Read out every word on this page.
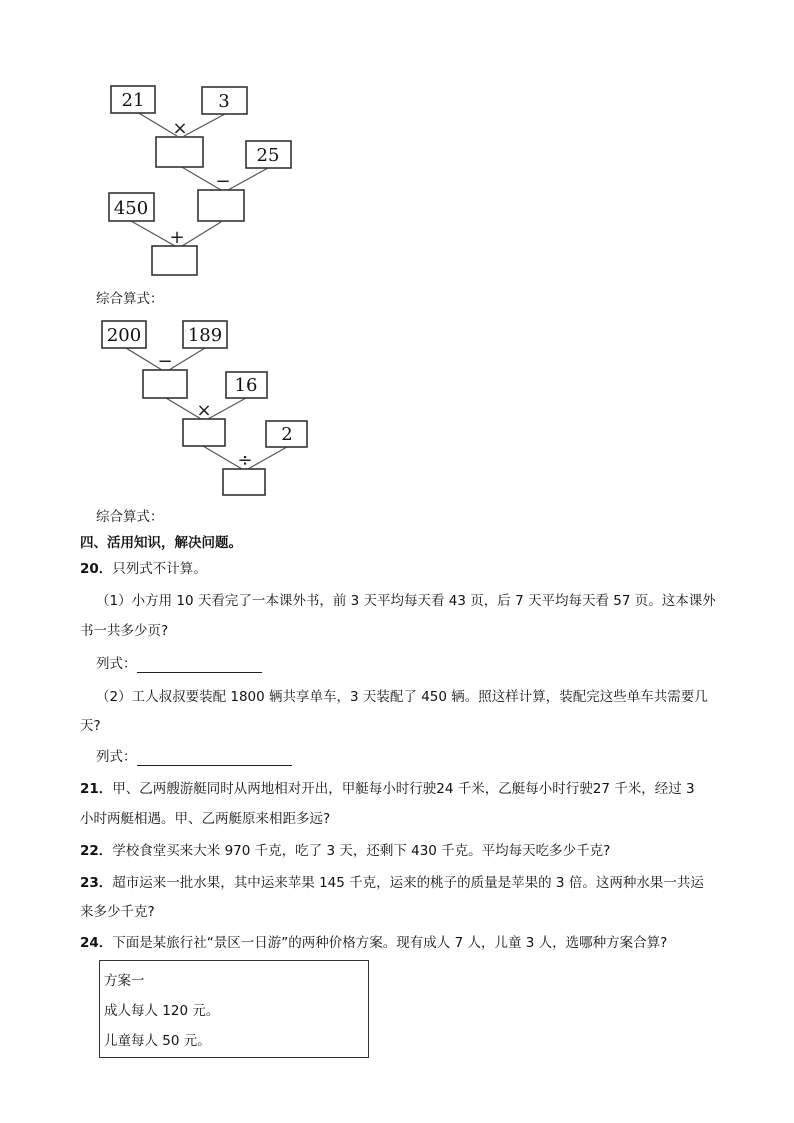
21	3
25
450
×
−
+
综合算式：
200	189
16
2
−
×
÷
综合算式：
四、活用知识，解决问题。
20．只列式不计算。
（1）小方用 10 天看完了一本课外书，前 3 天平均每天看 43 页，后 7 天平均每天看 57 页。这本课外
书一共多少页?
列式：
（2）工人叔叔要装配 1800 辆共享单车，3 天装配了 450 辆。照这样计算，装配完这些单车共需要几
天?
列式：
21．甲、乙两艘游艇同时从两地相对开出，甲艇每小时行驶24 千米，乙艇每小时行驶27 千米，经过 3
小时两艇相遇。甲、乙两艇原来相距多远?
22．学校食堂买来大米 970 千克，吃了 3 天，还剩下 430 千克。平均每天吃多少千克?
23．超市运来一批水果，其中运来苹果 145 千克，运来的桃子的质量是苹果的 3 倍。这两种水果一共运
来多少千克?
24．下面是某旅行社“景区一日游”的两种价格方案。现有成人 7 人，儿童 3 人，选哪种方案合算?
方案一
成人每人 120 元。
儿童每人 50 元。
